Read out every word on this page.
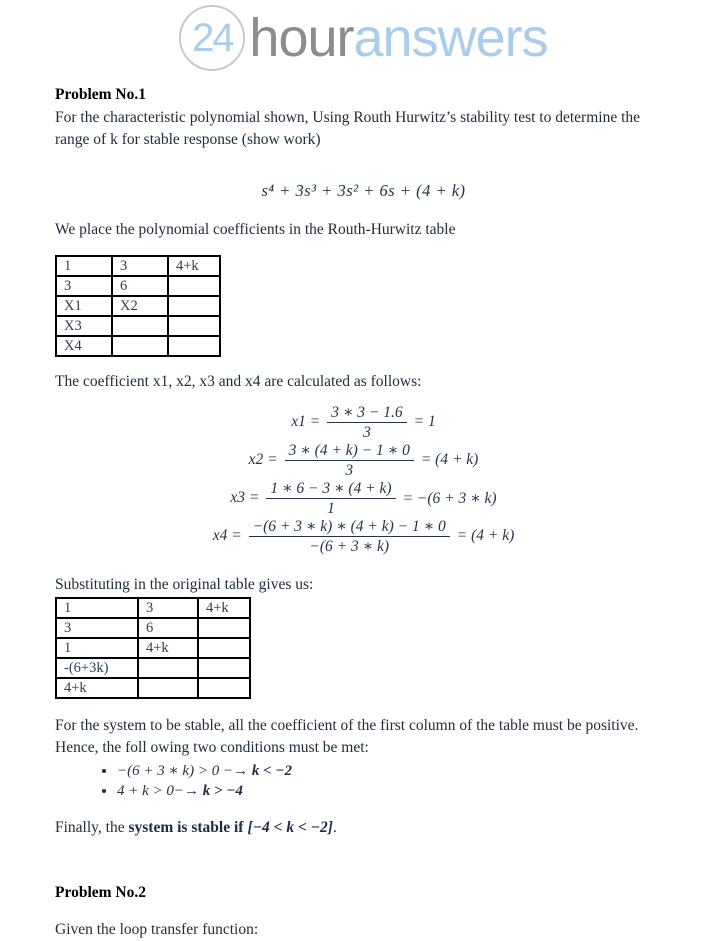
24 hour answers
Problem No.1
For the characteristic polynomial shown, Using Routh Hurwitz’s stability test to determine the
range of k for stable response (show work)
s⁴ + 3s³ + 3s² + 6s + (4 + k)
We place the polynomial coefficients in the Routh-Hurwitz table
1	3	4+k
3	6	
X1	X2	
X3		
X4		
The coefficient x1, x2, x3 and x4 are calculated as follows:
$x1 = \frac{3 ∗ 3 - 1.6}{3} = 1$
$x2 = \frac{3 ∗ (4 + k) - 1 ∗ 0}{3} = (4 + k)$
$x3 = \frac{1 ∗ 6 - 3 ∗ (4 + k)}{1} = -(6 + 3$ ∗ k)
$x4 = \frac{-(6 + 3 ∗ k) ∗ (4 + k) - 1 ∗ 0}{-(6 + 3 ∗ k)} = (4 + k)$
Substituting in the original table gives us:
1	3	4+k
3	6	
1	4+k	
-(6+3k)		
4+k		
For the system to be stable, all the coefficient of the first column of the table must be positive.
Hence, the foll owing two conditions must be met:
• −(6 + 3 ∗ k) > 0 −→ k < −2
• 4 + k > 0−→ k > −4
Finally, the system is stable if [−4 < k < −2].
Problem No.2
Given the loop transfer function:
